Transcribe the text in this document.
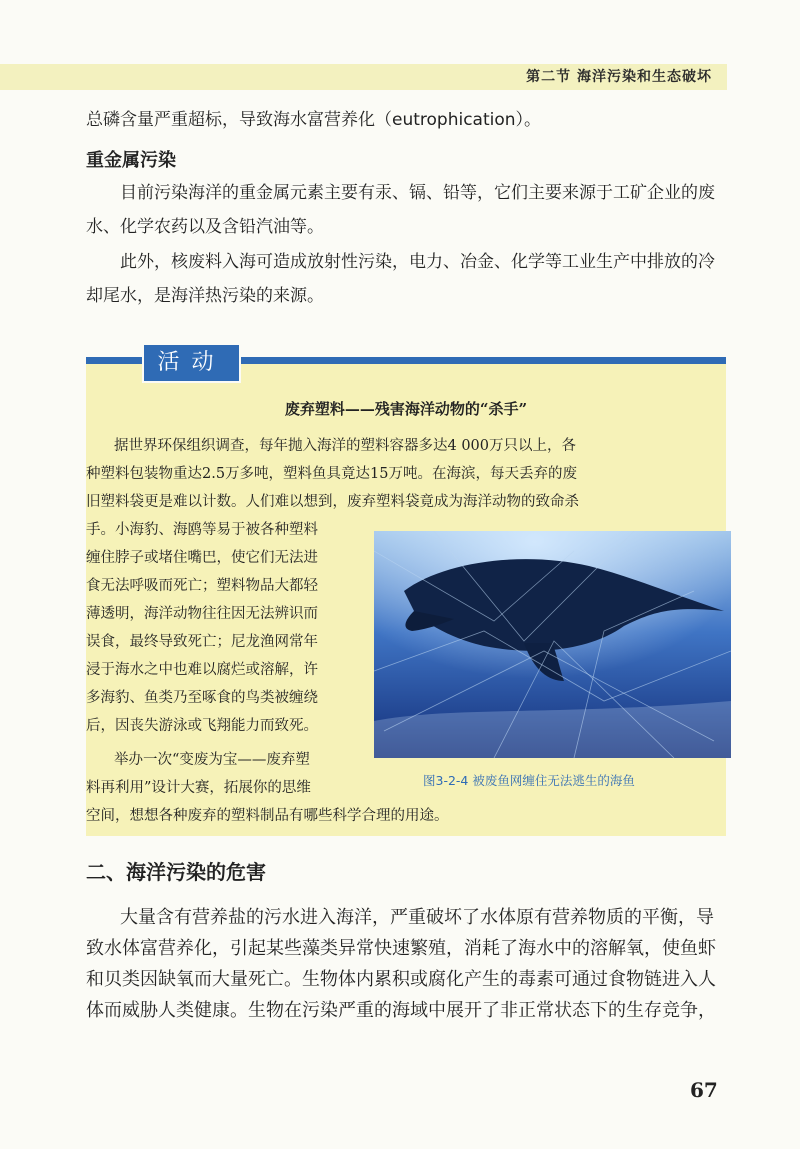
第二节 海洋污染和生态破坏
总磷含量严重超标，导致海水富营养化（eutrophication）。
重金属污染
目前污染海洋的重金属元素主要有汞、镉、铅等，它们主要来源于工矿企业的废水、化学农药以及含铅汽油等。
此外，核废料入海可造成放射性污染，电力、冶金、化学等工业生产中排放的冷却尾水，是海洋热污染的来源。
活动
废弃塑料——残害海洋动物的“杀手”
据世界环保组织调查，每年抛入海洋的塑料容器多达4 000万只以上，各
种塑料包装物重达2.5万多吨，塑料鱼具竟达15万吨。在海滨，每天丢弃的废
旧塑料袋更是难以计数。人们难以想到，废弃塑料袋竟成为海洋动物的致命杀
手。小海豹、海鸥等易于被各种塑料
缠住脖子或堵住嘴巴，使它们无法进
食无法呼吸而死亡；塑料物品大都轻
薄透明，海洋动物往往因无法辨识而
误食，最终导致死亡；尼龙渔网常年
浸于海水之中也难以腐烂或溶解，许
多海豹、鱼类乃至啄食的鸟类被缠绕
后，因丧失游泳或飞翔能力而致死。
举办一次“变废为宝——废弃塑
料再利用”设计大赛，拓展你的思维
空间，想想各种废弃的塑料制品有哪些科学合理的用途。
图3-2-4 被废鱼网缠住无法逃生的海鱼
二、海洋污染的危害
大量含有营养盐的污水进入海洋，严重破坏了水体原有营养物质的平衡，导致水体富营养化，引起某些藻类异常快速繁殖，消耗了海水中的溶解氧，使鱼虾和贝类因缺氧而大量死亡。生物体内累积或腐化产生的毒素可通过食物链进入人体而威胁人类健康。生物在污染严重的海域中展开了非正常状态下的生存竞争，
67
